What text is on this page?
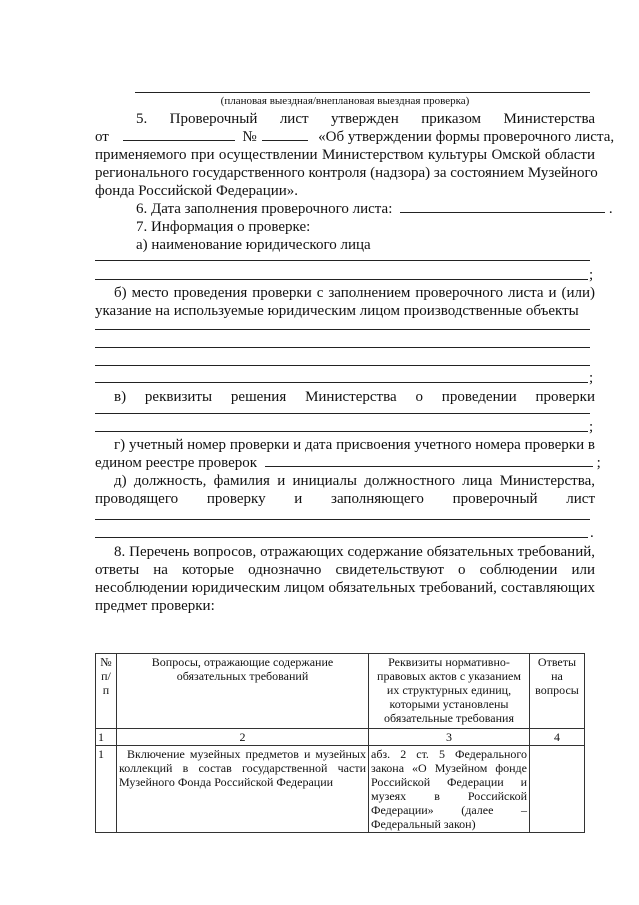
(плановая выездная/внеплановая выездная проверка)
5. Проверочный лист утвержден приказом Министерства
от	№	«Об утверждении формы проверочного листа,
применяемого при осуществлении Министерством культуры Омской области
регионального государственного контроля (надзора) за состоянием Музейного
фонда Российской Федерации».
6. Дата заполнения проверочного листа:	.
7. Информация о проверке:
а) наименование юридического лица
;
б) место проведения проверки с заполнением проверочного листа и (или)
указание на используемые юридическим лицом производственные объекты
;
в) реквизиты решения Министерства о проведении проверки
;
г) учетный номер проверки и дата присвоения учетного номера проверки в
едином реестре проверок	;
д) должность, фамилия и инициалы должностного лица Министерства,
проводящего проверку и заполняющего проверочный лист
.
8. Перечень вопросов, отражающих содержание обязательных требований,
ответы на которые однозначно свидетельствуют о соблюдении или
несоблюдении юридическим лицом обязательных требований, составляющих
предмет проверки:
№ п/п	Вопросы, отражающие содержание обязательных требований	Реквизиты нормативно-правовых актов с указанием их структурных единиц, которыми установлены обязательные требования	Ответы на вопросы
1	2	3	4
1	Включение музейных предметов и музейных коллекций в состав государственной части Музейного Фонда Российской Федерации	абз. 2 ст. 5 Федерального закона «О Музейном фонде Российской Федерации и музеях в Российской Федерации» (далее – Федеральный закон)	
